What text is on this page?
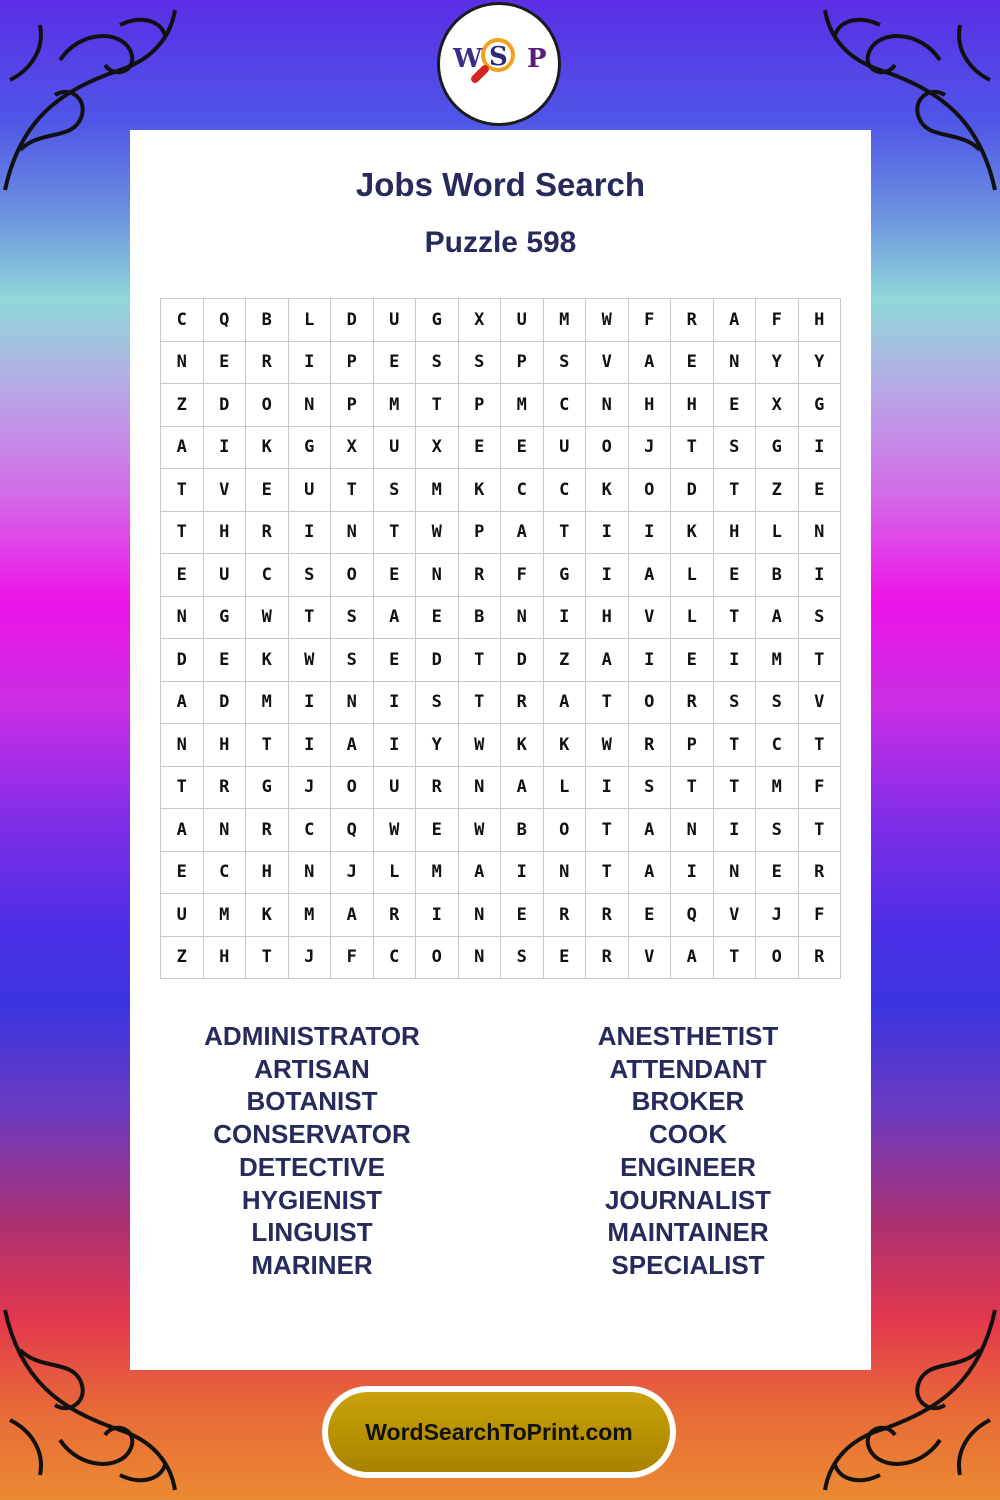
W S P
Jobs Word Search
Puzzle 598
C	Q	B	L	D	U	G	X	U	M	W	F	R	A	F	H
N	E	R	I	P	E	S	S	P	S	V	A	E	N	Y	Y
Z	D	O	N	P	M	T	P	M	C	N	H	H	E	X	G
A	I	K	G	X	U	X	E	E	U	O	J	T	S	G	I
T	V	E	U	T	S	M	K	C	C	K	O	D	T	Z	E
T	H	R	I	N	T	W	P	A	T	I	I	K	H	L	N
E	U	C	S	O	E	N	R	F	G	I	A	L	E	B	I
N	G	W	T	S	A	E	B	N	I	H	V	L	T	A	S
D	E	K	W	S	E	D	T	D	Z	A	I	E	I	M	T
A	D	M	I	N	I	S	T	R	A	T	O	R	S	S	V
N	H	T	I	A	I	Y	W	K	K	W	R	P	T	C	T
T	R	G	J	O	U	R	N	A	L	I	S	T	T	M	F
A	N	R	C	Q	W	E	W	B	O	T	A	N	I	S	T
E	C	H	N	J	L	M	A	I	N	T	A	I	N	E	R
U	M	K	M	A	R	I	N	E	R	R	E	Q	V	J	F
Z	H	T	J	F	C	O	N	S	E	R	V	A	T	O	R
ADMINISTRATOR
ARTISAN
BOTANIST
CONSERVATOR
DETECTIVE
HYGIENIST
LINGUIST
MARINER
ANESTHETIST
ATTENDANT
BROKER
COOK
ENGINEER
JOURNALIST
MAINTAINER
SPECIALIST
WordSearchToPrint.com
